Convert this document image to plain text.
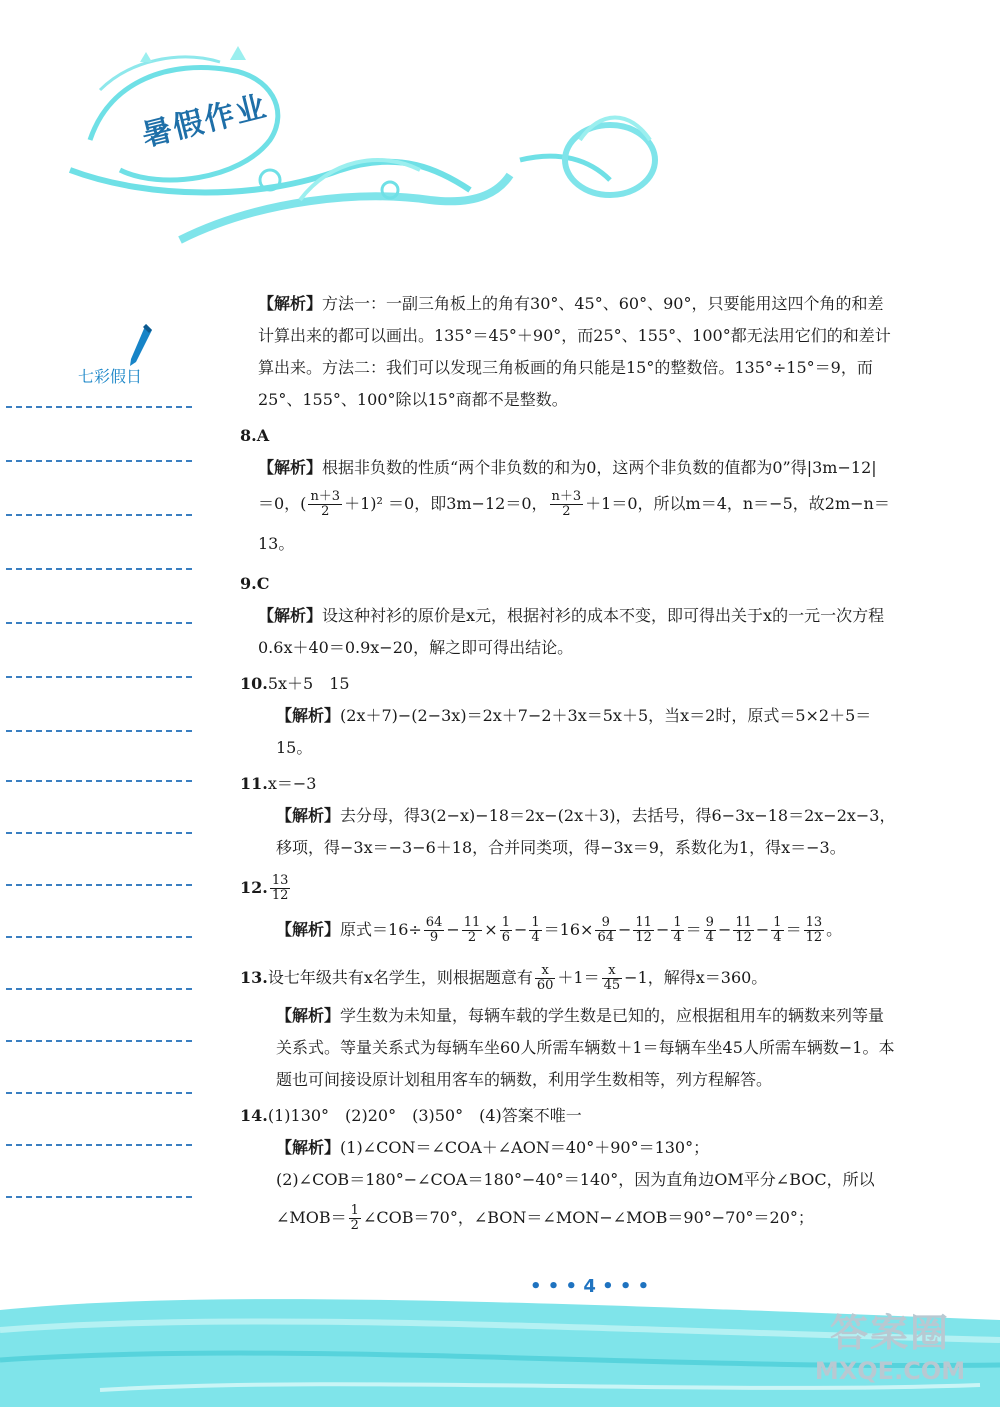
暑假作业
七彩假日

【解析】方法一：一副三角板上的角有30°、45°、60°、90°，只要能用这四个角的和差计算出来的都可以画出。135°＝45°＋90°，而25°、155°、100°都无法用它们的和差计算出来。方法二：我们可以发现三角板画的角只能是15°的整数倍。135°÷15°＝9，而25°、155°、100°除以15°商都不是整数。

8.A

【解析】根据非负数的性质“两个非负数的和为0，这两个非负数的值都为0”得|3m−12|

＝0，( $\frac{n+3}{2} +1)^2 =0$，即3m−12＝0， $\frac{n+3}{2} +1=0$，所以m＝4，n＝−5，故2m−n＝13。

9.C

【解析】设这种衬衫的原价是x元，根据衬衫的成本不变，即可得出关于x的一元一次方程0.6x＋40＝0.9x−20，解之即可得出结论。

10.5x＋5　15

【解析】(2x＋7)−(2−3x)＝2x＋7−2＋3x＝5x＋5，当x＝2时，原式＝5×2＋5＝15。

11.x＝−3

【解析】去分母，得3(2−x)−18＝2x−(2x＋3)，去括号，得6−3x−18＝2x−2x−3，移项，得−3x＝−3−6＋18，合并同类项，得−3x＝9，系数化为1，得x＝−3。

12. $\frac{13}{12}$

【解析】原式$=16\div \frac{64}{9} - \frac{11}{2} \times \frac{1}{6} - \frac{1}{4} =16\times \frac{9}{64} - \frac{11}{12} - \frac{1}{4} = \frac{9}{4} - \frac{11}{12} - \frac{1}{4} = \frac{13}{12}$ 。

13.设七年级共有x名学生，则根据题意有 $\frac{x}{60} +1= \frac{x}{45} -1$，解得x＝360。

【解析】学生数为未知量，每辆车载的学生数是已知的，应根据租用车的辆数来列等量关系式。等量关系式为每辆车坐60人所需车辆数＋1＝每辆车坐45人所需车辆数−1。本题也可间接设原计划租用客车的辆数，利用学生数相等，列方程解答。

14.(1)130°　(2)20°　(3)50°　(4)答案不唯一

【解析】(1)∠CON＝∠COA＋∠AON＝40°＋90°＝130°；

(2)∠COB＝180°−∠COA＝180°−40°＝140°，因为直角边OM平分∠BOC，所以

∠MOB＝ $\frac{1}{2}$ ∠COB＝70°，∠BON＝∠MON−∠MOB＝90°−70°＝20°；

• • • 4 • • •
答案圈
MXQE.COM
